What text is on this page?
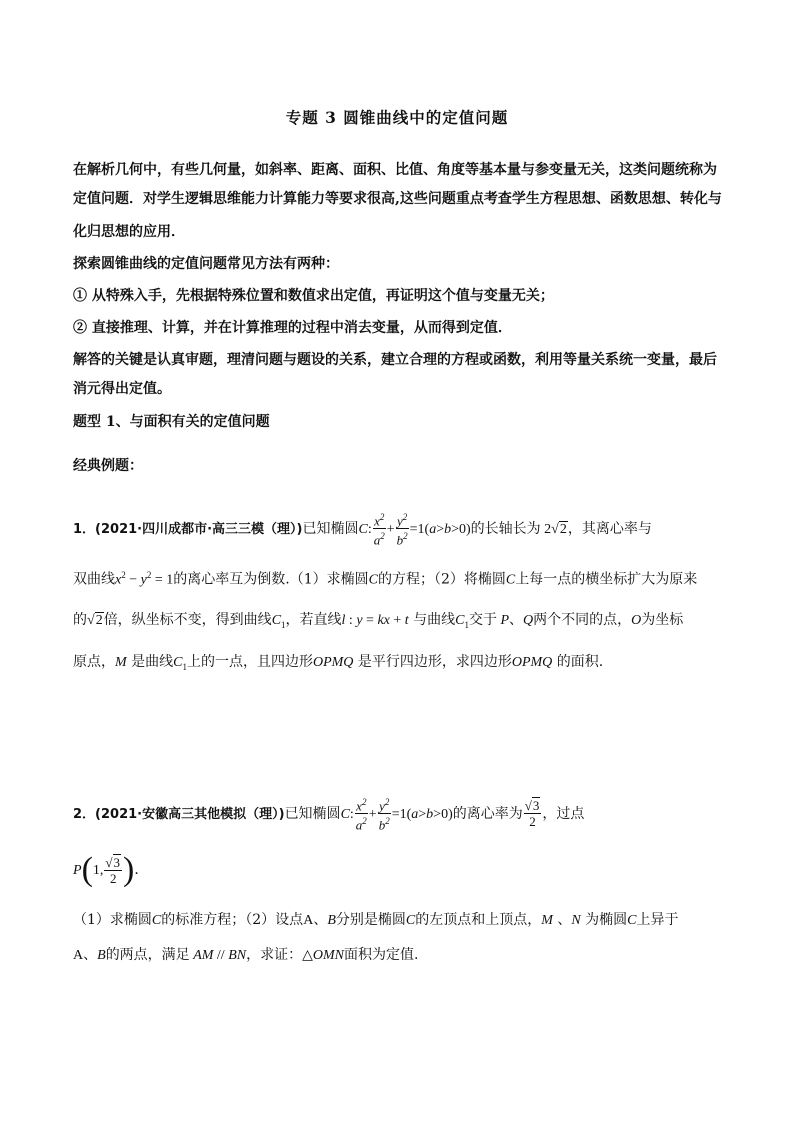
专题 3 圆锥曲线中的定值问题
在解析几何中，有些几何量，如斜率、距离、面积、比值、角度等基本量与参变量无关，这类问题统称为
定值问题．对学生逻辑思维能力计算能力等要求很高,这些问题重点考查学生方程思想、函数思想、转化与
化归思想的应用．
探索圆锥曲线的定值问题常见方法有两种：
① 从特殊入手，先根据特殊位置和数值求出定值，再证明这个值与变量无关；
② 直接推理、计算，并在计算推理的过程中消去变量，从而得到定值．
解答的关键是认真审题，理清问题与题设的关系，建立合理的方程或函数，利用等量关系统一变量，最后
消元得出定值。
题型 1、与面积有关的定值问题
经典例题：
1．(2021·四川成都市·高三三模（理）)已知椭圆C: $\frac{x^2}{a^2} + \frac{y^2}{b^2} =1(a>b>0)$的长轴长为 2√2，其离心率与
双曲线$x^2 - y^2 = 1$的离心率互为倒数.（1）求椭圆C的方程；（2）将椭圆C上每一点的横坐标扩大为原来
的√2倍，纵坐标不变，得到曲线$C_1$，若直线l : y = kx + t 与曲线$C_1$交于 P、Q两个不同的点，O为坐标
原点，M 是曲线$C_1$上的一点，且四边形OPMQ 是平行四边形，求四边形OPMQ 的面积.
2．(2021·安徽高三其他模拟（理）)已知椭圆C: $\frac{x^2}{a^2} + \frac{y^2}{b^2} =1(a>b>0)$的离心率为 $\frac{√3}{2}$ ，过点
P(1, $\frac{√3}{2}$ )．
（1）求椭圆C的标准方程；（2）设点A、B分别是椭圆C的左顶点和上顶点，M 、N 为椭圆C上异于
A、B的两点，满足 AM // BN，求证：△OMN面积为定值.
